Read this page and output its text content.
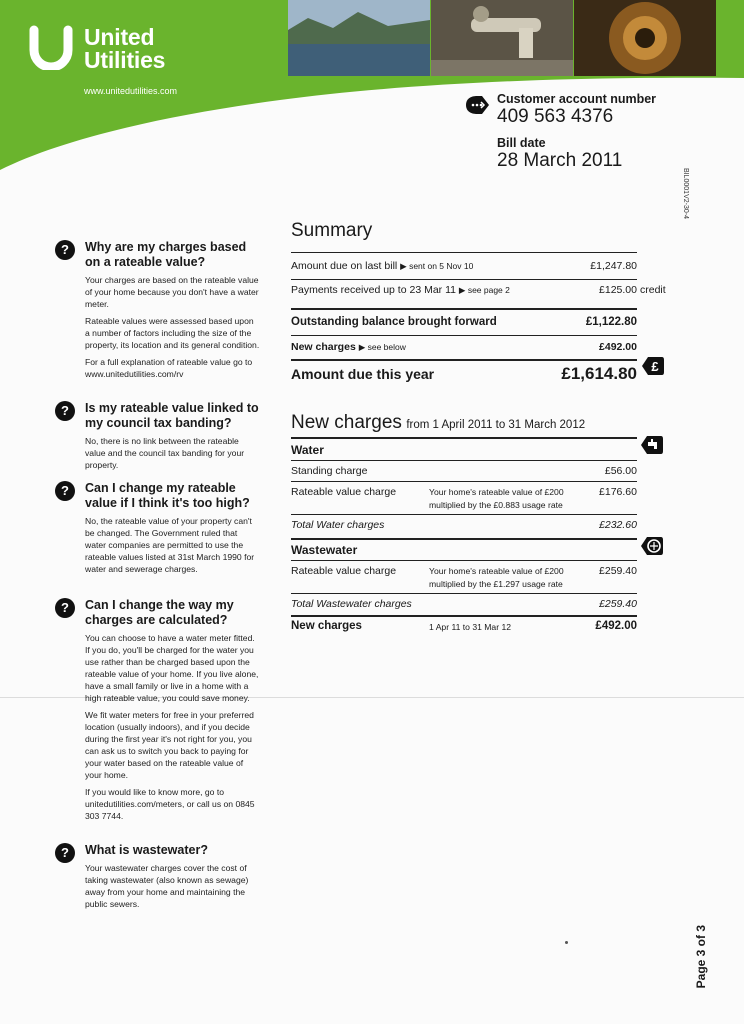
United
Utilities
www.unitedutilities.com
Customer account number
409 563 4376
Bill date
28 March 2011
BIL0001V2-30-4
?	Why are my charges based on a rateable value?

Your charges are based on the rateable value of your home because you don't have a water meter.

Rateable values were assessed based upon a number of factors including the size of the property, its location and its general condition.

For a full explanation of rateable value go to www.unitedutilities.com/rv

?	Is my rateable value linked to my council tax banding?

No, there is no link between the rateable value and the council tax banding for your property.

?	Can I change my rateable value if I think it's too high?

No, the rateable value of your property can't be changed. The Government ruled that water companies are permitted to use the rateable values listed at 31st March 1990 for water and sewerage charges.

?	Can I change the way my charges are calculated?

You can choose to have a water meter fitted. If you do, you'll be charged for the water you use rather than be charged based upon the rateable value of your home. If you live alone, have a small family or live in a home with a high rateable value, you could save money.

We fit water meters for free in your preferred location (usually indoors), and if you decide during the first year it's not right for you, you can ask us to switch you back to paying for your water based on the rateable value of your home.

If you would like to know more, go to unitedutilities.com/meters, or call us on 0845 303 7744.

?	What is wastewater?

Your wastewater charges cover the cost of taking wastewater (also known as sewage) away from your home and maintaining the public sewers.

Summary
Amount due on last bill ▶ sent on 5 Nov 10	£1,247.80
Payments received up to 23 Mar 11 ▶ see page 2	£125.00 credit
Outstanding balance brought forward	£1,122.80
New charges ▶ see below	£492.00
Amount due this year	£1,614.80 £
New charges from 1 April 2011 to 31 March 2012
Water
Standing charge	£56.00
Rateable value charge	£176.60
Your home's rateable value of £200
multiplied by the £0.883 usage rate
Total Water charges	£232.60
Wastewater
Rateable value charge	£259.40
Your home's rateable value of £200
multiplied by the £1.297 usage rate
Total Wastewater charges	£259.40
New charges	£492.00
1 Apr 11 to 31 Mar 12
Page 3 of 3
